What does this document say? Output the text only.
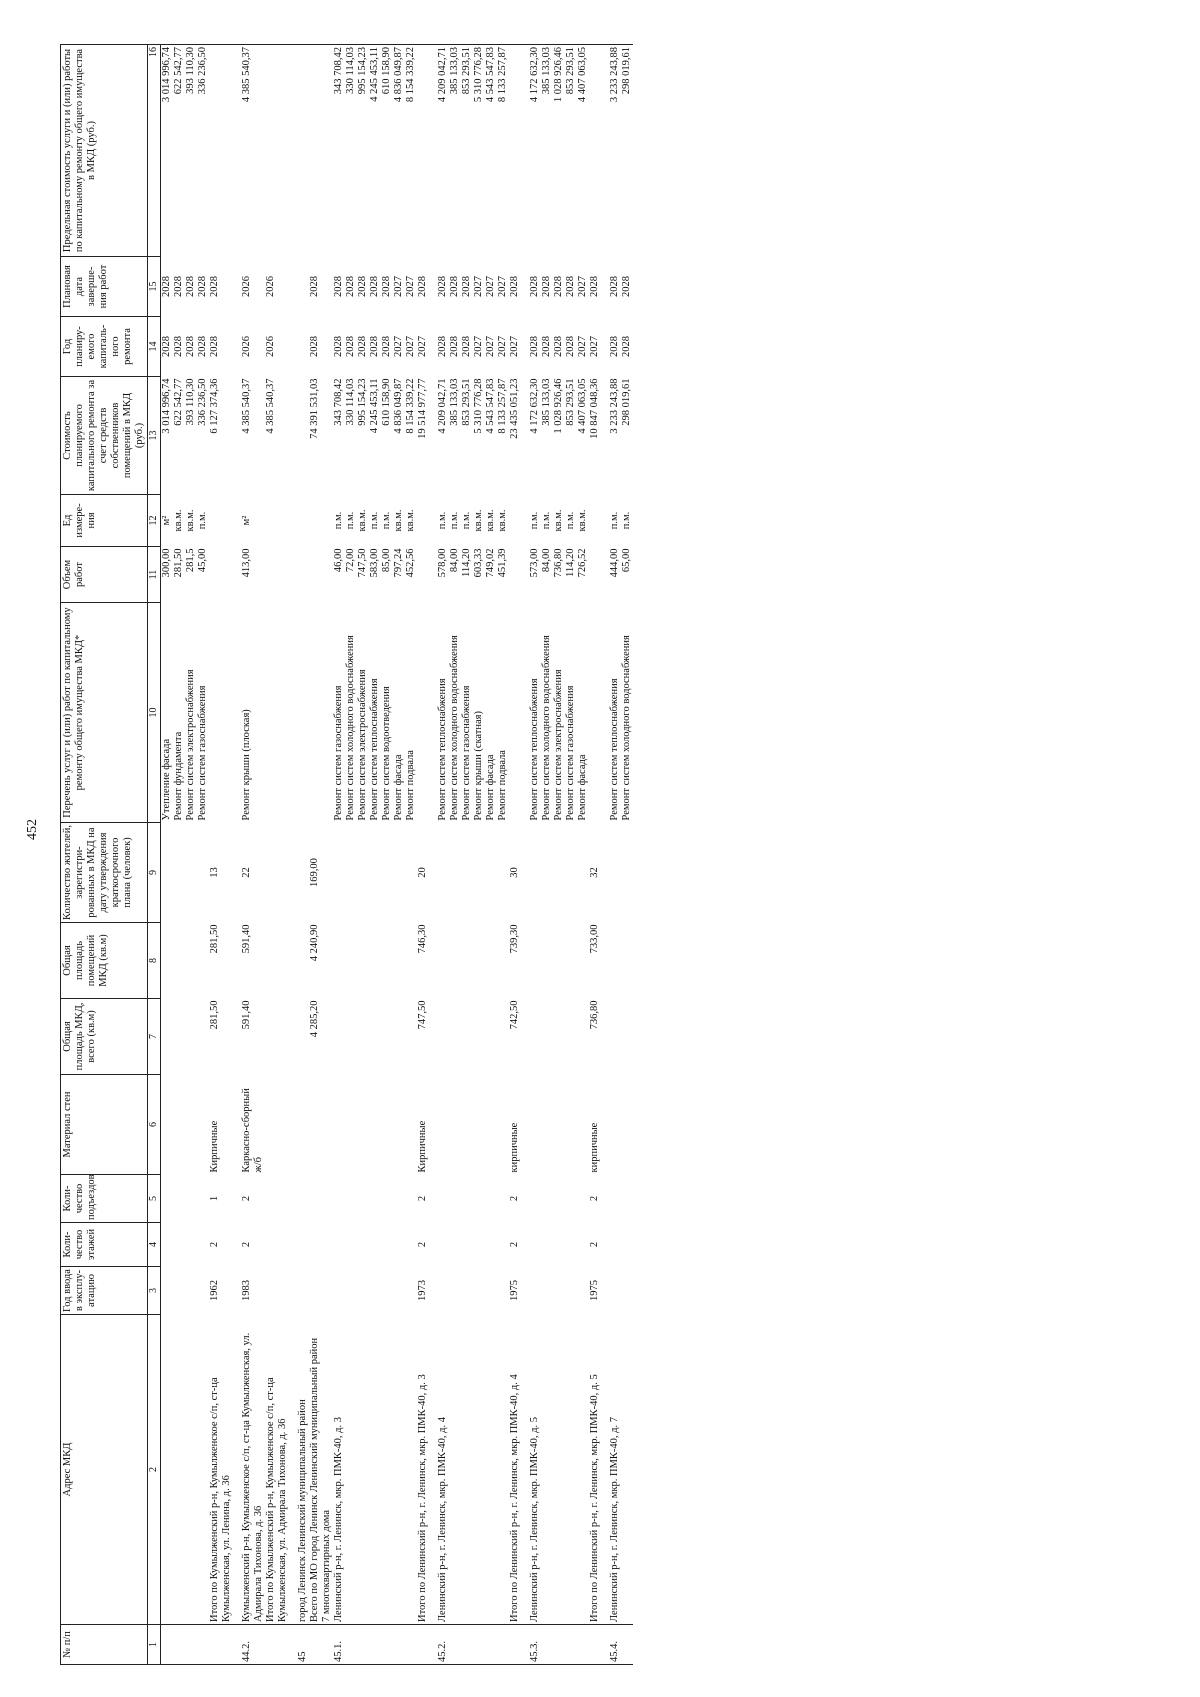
452
№ п/п	Адрес МКД	Год ввода в эксплу-атацию	Коли-чество этажей	Коли-чество подъездов	Материал стен	Общая площадь МКД, всего (кв.м)	Общая площадь помещений МКД (кв.м)	Количество жителей, зарегистри-рованных в МКД на дату утверждения краткосрочного плана (человек)	Перечень услуг и (или) работ по капитальному ремонту общего имущества МКД*	Объем работ	Ед измере-ния	Стоимость планируемого капитального ремонта за счет средств собственников помещений в МКД (руб.)	Год планиру-емого капиталь-ного ремонта	Плановая дата заверше-ния работ	Предельная стоимость услуги и (или) работы по капитальному ремонту общего имущества в МКД (руб.)
1	2	3	4	5	6	7	8	9	10	11	12	13	14	15	16
									Утепление фасада	300,00	м²	3 014 996,74	2028	2028	3 014 996,74
									Ремонт фундамента	281,50	кв.м.	622 542,77	2028	2028	622 542,77
									Ремонт систем электроснабжения	281,5	кв.м.	393 110,30	2028	2028	393 110,30
									Ремонт систем газоснабжения	45,00	п.м.	336 236,50	2028	2028	336 236,50
	Итого по Кумылженский р-н, Кумылженское с/п, ст-ца Кумылженская, ул. Ленина, д. 36	1962	2	1	Кирпичные	281,50	281,50	13				6 127 374,36	2028	2028	
44.2.	Кумылженский р-н, Кумылженское с/п, ст-ца Кумылженская, ул. Адмирала Тихонова, д. 36	1983	2	2	Каркасно-сборный ж/б	591,40	591,40	22	Ремонт крыши (плоская)	413,00	м²	4 385 540,37	2026	2026	4 385 540,37
	Итого по Кумылженский р-н, Кумылженское с/п, ст-ца Кумылженская, ул. Адмирала Тихонова, д. 36											4 385 540,37	2026	2026	
45	город Ленинск Ленинский муниципальный район														
	Всего по МО город Ленинск Ленинский муниципальный район					4 285,20	4 240,90	169,00				74 391 531,03	2028	2028	
	7 многоквартирных дома														
45.1.	Ленинский р-н, г. Ленинск, мкр. ПМК-40, д. 3								Ремонт систем газоснабжения	46,00	п.м.	343 708,42	2028	2028	343 708,42
									Ремонт систем холодного водоснабжения	72,00	п.м.	330 114,03	2028	2028	330 114,03
									Ремонт систем электроснабжения	747,50	кв.м.	995 154,23	2028	2028	995 154,23
									Ремонт систем теплоснабжения	583,00	п.м.	4 245 453,11	2028	2028	4 245 453,11
									Ремонт систем водоотведения	85,00	п.м.	610 158,90	2028	2028	610 158,90
									Ремонт фасада	797,24	кв.м.	4 836 049,87	2027	2027	4 836 049,87
									Ремонт подвала	452,56	кв.м.	8 154 339,22	2027	2027	8 154 339,22
	Итого по Ленинский р-н, г. Ленинск, мкр. ПМК-40, д. 3	1973	2	2	Кирпичные	747,50	746,30	20				19 514 977,77	2027	2028	
45.2.	Ленинский р-н, г. Ленинск, мкр. ПМК-40, д. 4								Ремонт систем теплоснабжения	578,00	п.м.	4 209 042,71	2028	2028	4 209 042,71
									Ремонт систем холодного водоснабжения	84,00	п.м.	385 133,03	2028	2028	385 133,03
									Ремонт систем газоснабжения	114,20	п.м.	853 293,51	2028	2028	853 293,51
									Ремонт крыши (скатная)	603,33	кв.м.	5 310 776,28	2027	2027	5 310 776,28
									Ремонт фасада	749,02	кв.м.	4 543 547,83	2027	2027	4 543 547,83
									Ремонт подвала	451,39	кв.м.	8 133 257,87	2027	2027	8 133 257,87
	Итого по Ленинский р-н, г. Ленинск, мкр. ПМК-40, д. 4	1975	2	2	кирпичные	742,50	739,30	30				23 435 051,23	2027	2028	
45.3.	Ленинский р-н, г. Ленинск, мкр. ПМК-40, д. 5								Ремонт систем теплоснабжения	573,00	п.м.	4 172 632,30	2028	2028	4 172 632,30
									Ремонт систем холодного водоснабжения	84,00	п.м.	385 133,03	2028	2028	385 133,03
									Ремонт систем электроснабжения	736,80	кв.м.	1 028 926,46	2028	2028	1 028 926,46
									Ремонт систем газоснабжения	114,20	п.м.	853 293,51	2028	2028	853 293,51
									Ремонт фасада	726,52	кв.м.	4 407 063,05	2027	2027	4 407 063,05
	Итого по Ленинский р-н, г. Ленинск, мкр. ПМК-40, д. 5	1975	2	2	кирпичные	736,80	733,00	32				10 847 048,36	2027	2028	
45.4.	Ленинский р-н, г. Ленинск, мкр. ПМК-40, д. 7								Ремонт систем теплоснабжения	444,00	п.м.	3 233 243,88	2028	2028	3 233 243,88
									Ремонт систем холодного водоснабжения	65,00	п.м.	298 019,61	2028	2028	298 019,61
